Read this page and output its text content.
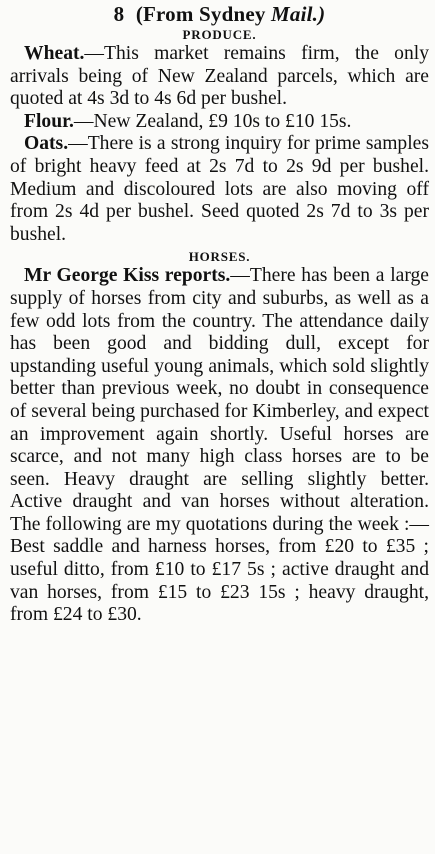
8 (From Sydney Mail.)
PRODUCE.

Wheat.—This market remains firm, the only arrivals being of New Zealand parcels, which are quoted at 4s 3d to 4s 6d per bushel.

Flour.—New Zealand, £9 10s to £10 15s.

Oats.—There is a strong inquiry for prime samples of bright heavy feed at 2s 7d to 2s 9d per bushel. Medium and discoloured lots are also moving off from 2s 4d per bushel. Seed quoted 2s 7d to 3s per bushel.

HORSES.

Mr George Kiss reports.—There has been a large supply of horses from city and suburbs, as well as a few odd lots from the country. The attendance daily has been good and bidding dull, except for upstanding useful young animals, which sold slightly better than previous week, no doubt in consequence of several being purchased for Kimberley, and expect an improvement again shortly. Useful horses are scarce, and not many high class horses are to be seen. Heavy draught are selling slightly better. Active draught and van horses without alteration. The following are my quotations during the week :—Best saddle and harness horses, from £20 to £35 ; useful ditto, from £10 to £17 5s ; active draught and van horses, from £15 to £23 15s ; heavy draught, from £24 to £30.
